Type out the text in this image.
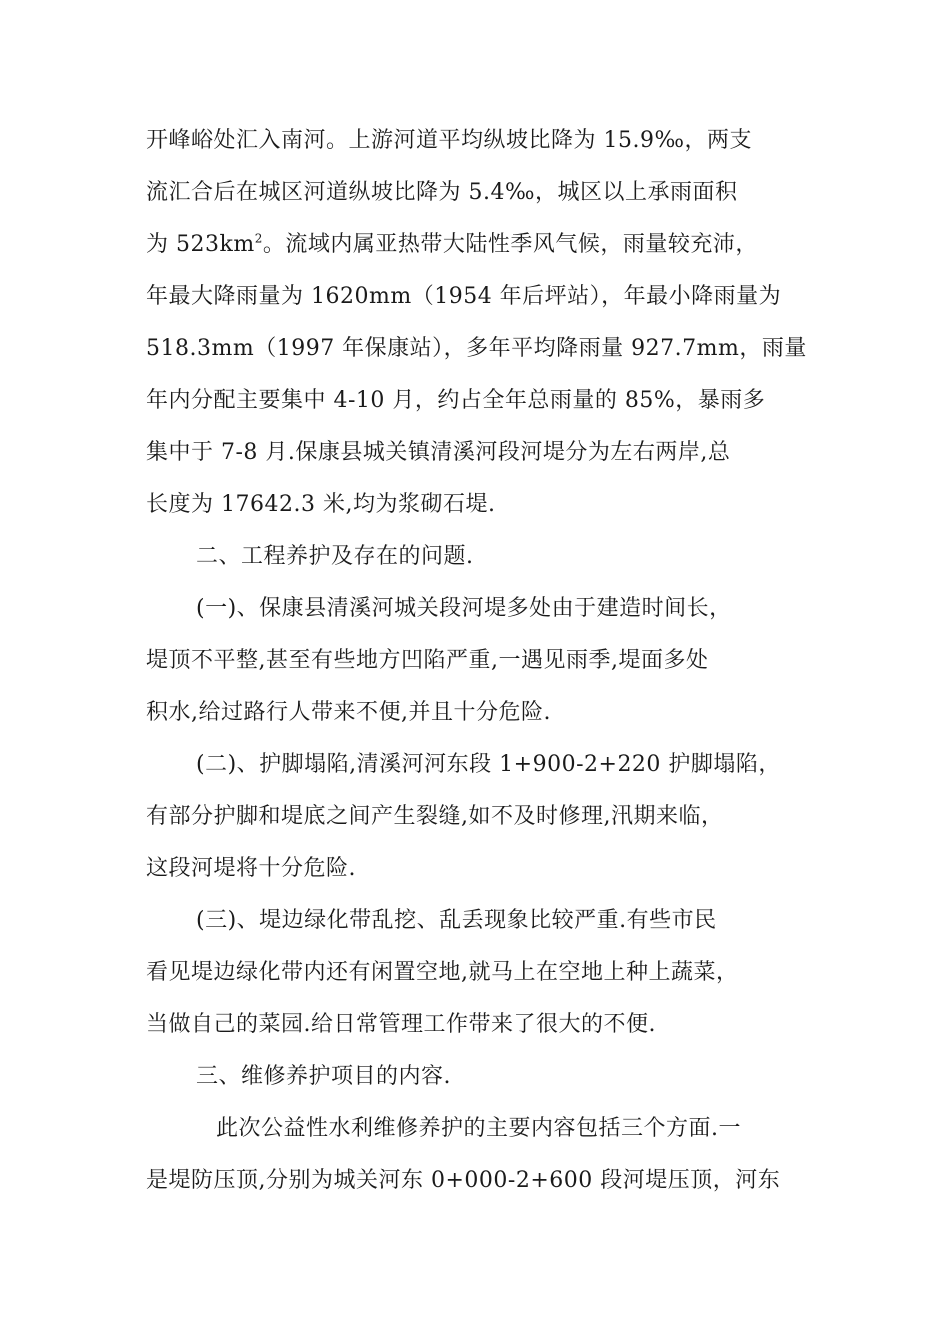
开峰峪处汇入南河。上游河道平均纵坡比降为 15.9‰，两支
流汇合后在城区河道纵坡比降为 5.4‰，城区以上承雨面积
为 $523km^2$。流域内属亚热带大陆性季风气候，雨量较充沛，
年最大降雨量为 1620mm（1954 年后坪站），年最小降雨量为
518.3mm（1997 年保康站），多年平均降雨量 927.7mm，雨量
年内分配主要集中 4-10 月，约占全年总雨量的 85%，暴雨多
集中于 7-8 月.保康县城关镇清溪河段河堤分为左右两岸,总
长度为 17642.3 米,均为浆砌石堤.
二、工程养护及存在的问题.
(一)、保康县清溪河城关段河堤多处由于建造时间长，
堤顶不平整,甚至有些地方凹陷严重,一遇见雨季,堤面多处
积水,给过路行人带来不便,并且十分危险.
(二)、护脚塌陷,清溪河河东段 1+900-2+220 护脚塌陷，
有部分护脚和堤底之间产生裂缝,如不及时修理,汛期来临，
这段河堤将十分危险.
(三)、堤边绿化带乱挖、乱丢现象比较严重.有些市民
看见堤边绿化带内还有闲置空地,就马上在空地上种上蔬菜，
当做自己的菜园.给日常管理工作带来了很大的不便.
三、维修养护项目的内容.
此次公益性水利维修养护的主要内容包括三个方面.一
是堤防压顶,分别为城关河东 0+000-2+600 段河堤压顶，河东
